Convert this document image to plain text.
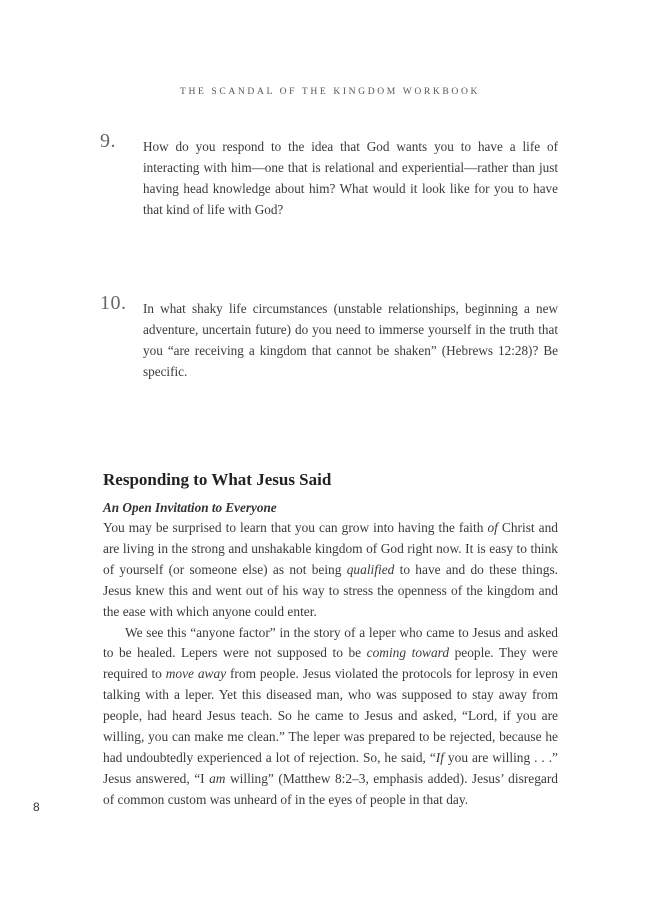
THE SCANDAL OF THE KINGDOM WORKBOOK
9. How do you respond to the idea that God wants you to have a life of interacting with him—one that is relational and experiential—rather than just having head knowledge about him? What would it look like for you to have that kind of life with God?
10. In what shaky life circumstances (unstable relationships, beginning a new adventure, uncertain future) do you need to immerse yourself in the truth that you “are receiving a kingdom that cannot be shaken” (Hebrews 12:28)? Be specific.
Responding to What Jesus Said
An Open Invitation to Everyone

You may be surprised to learn that you can grow into having the faith of Christ and are living in the strong and unshakable kingdom of God right now. It is easy to think of yourself (or someone else) as not being qualified to have and do these things. Jesus knew this and went out of his way to stress the openness of the kingdom and the ease with which anyone could enter.

We see this “anyone factor” in the story of a leper who came to Jesus and asked to be healed. Lepers were not supposed to be coming toward people. They were required to move away from people. Jesus violated the protocols for leprosy in even talking with a leper. Yet this diseased man, who was supposed to stay away from people, had heard Jesus teach. So he came to Jesus and asked, “Lord, if you are willing, you can make me clean.” The leper was prepared to be rejected, because he had undoubtedly experienced a lot of rejection. So, he said, “If you are willing . . .” Jesus answered, “I am willing” (Matthew 8:2–3, emphasis added). Jesus’ disregard of common custom was unheard of in the eyes of people in that day.

8
